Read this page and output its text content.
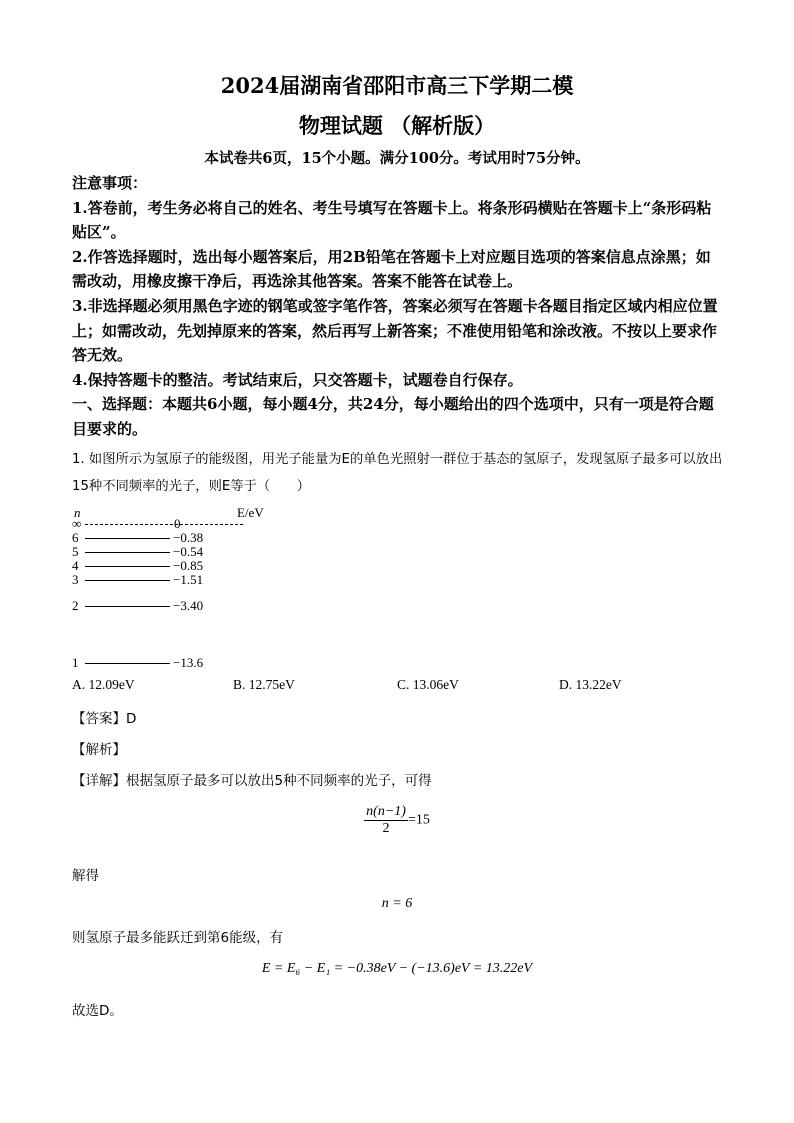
2024届湖南省邵阳市高三下学期二模
物理试题 （解析版）
本试卷共6页，15个小题。满分100分。考试用时75分钟。

注意事项：

1.答卷前，考生务必将自己的姓名、考生号填写在答题卡上。将条形码横贴在答题卡上“条形码粘贴区”。

2.作答选择题时，选出每小题答案后，用2B铅笔在答题卡上对应题目选项的答案信息点涂黑；如需改动，用橡皮擦干净后，再选涂其他答案。答案不能答在试卷上。

3.非选择题必须用黑色字迹的钢笔或签字笔作答，答案必须写在答题卡各题目指定区域内相应位置上；如需改动，先划掉原来的答案，然后再写上新答案；不准使用铅笔和涂改液。不按以上要求作答无效。

4.保持答题卡的整洁。考试结束后，只交答题卡，试题卷自行保存。

一、选择题：本题共6小题，每小题4分，共24分，每小题给出的四个选项中，只有一项是符合题目要求的。

1. 如图所示为氢原子的能级图，用光子能量为E的单色光照射一群位于基态的氢原子，发现氢原子最多可以放出15种不同频率的光子，则E等于（　　）

n	E/eV
∞	0
6	−0.38
5	−0.54
4	−0.85
3	−1.51
2	−3.40
1	−13.6
A. 12.09eV	B. 12.75eV	C. 13.06eV	D. 13.22eV
【答案】D
【解析】
【详解】根据氢原子最多可以放出5种不同频率的光子，可得
$\frac{n(n-1)}{2} =15$
解得
n = 6
则氢原子最多能跃迁到第6能级，有
E = E₆ − E₁ = −0.38eV − (−13.6)eV = 13.22eV
故选D。
